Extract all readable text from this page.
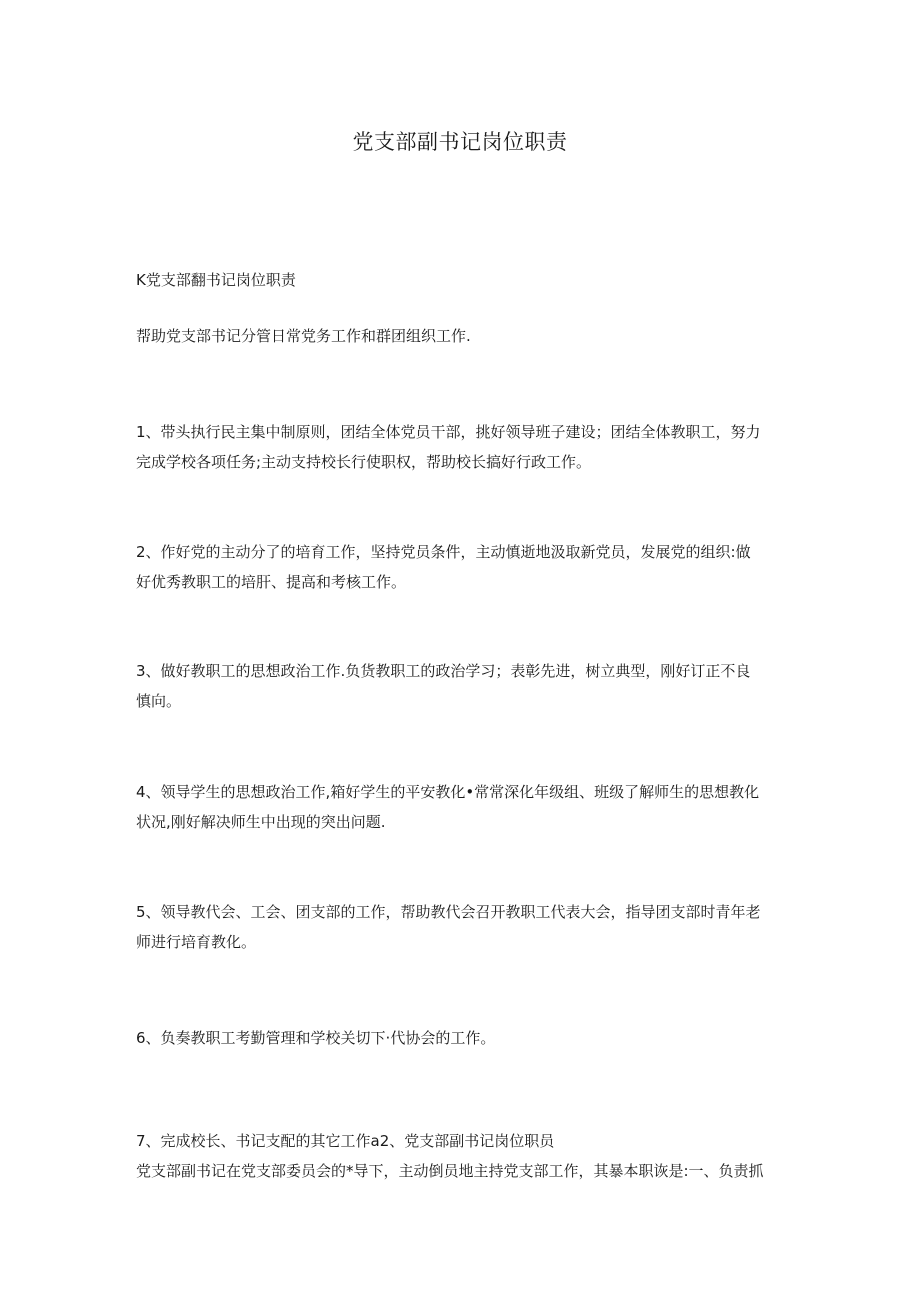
党支部副书记岗位职责
K党支部翻书记岗位职责
帮助党支部书记分管日常党务工作和群团组织工作.
1、带头执行民主集中制原则，团结全体党员干部，挑好领导班子建设；团结全体教职工，努力
完成学校各项任务;主动支持校长行使职权，帮助校长搞好行政工作。
2、作好党的主动分了的培育工作，坚持党员条件，主动慎逝地汲取新党员，发展党的组织:做
好优秀教职工的培肝、提高和考核工作。
3、做好教职工的思想政治工作.负货教职工的政治学习；表彰先进，树立典型，刚好订正不良
慎向。
4、领导学生的思想政治工作,箱好学生的平安教化•常常深化年级组、班级了解师生的思想教化
状况,刚好解决师生中出现的突出问题.
5、领导教代会、工会、团支部的工作，帮助教代会召开教职工代表大会，指导团支部时青年老
师进行培育教化。
6、负奏教职工考勤管理和学校关切下·代协会的工作。
7、完成校长、书记支配的其它工作a2、党支部副书记岗位职员
党支部副书记在党支部委员会的*导下，主动倒员地主持党支部工作，其暴本职诙是:一、负责抓
